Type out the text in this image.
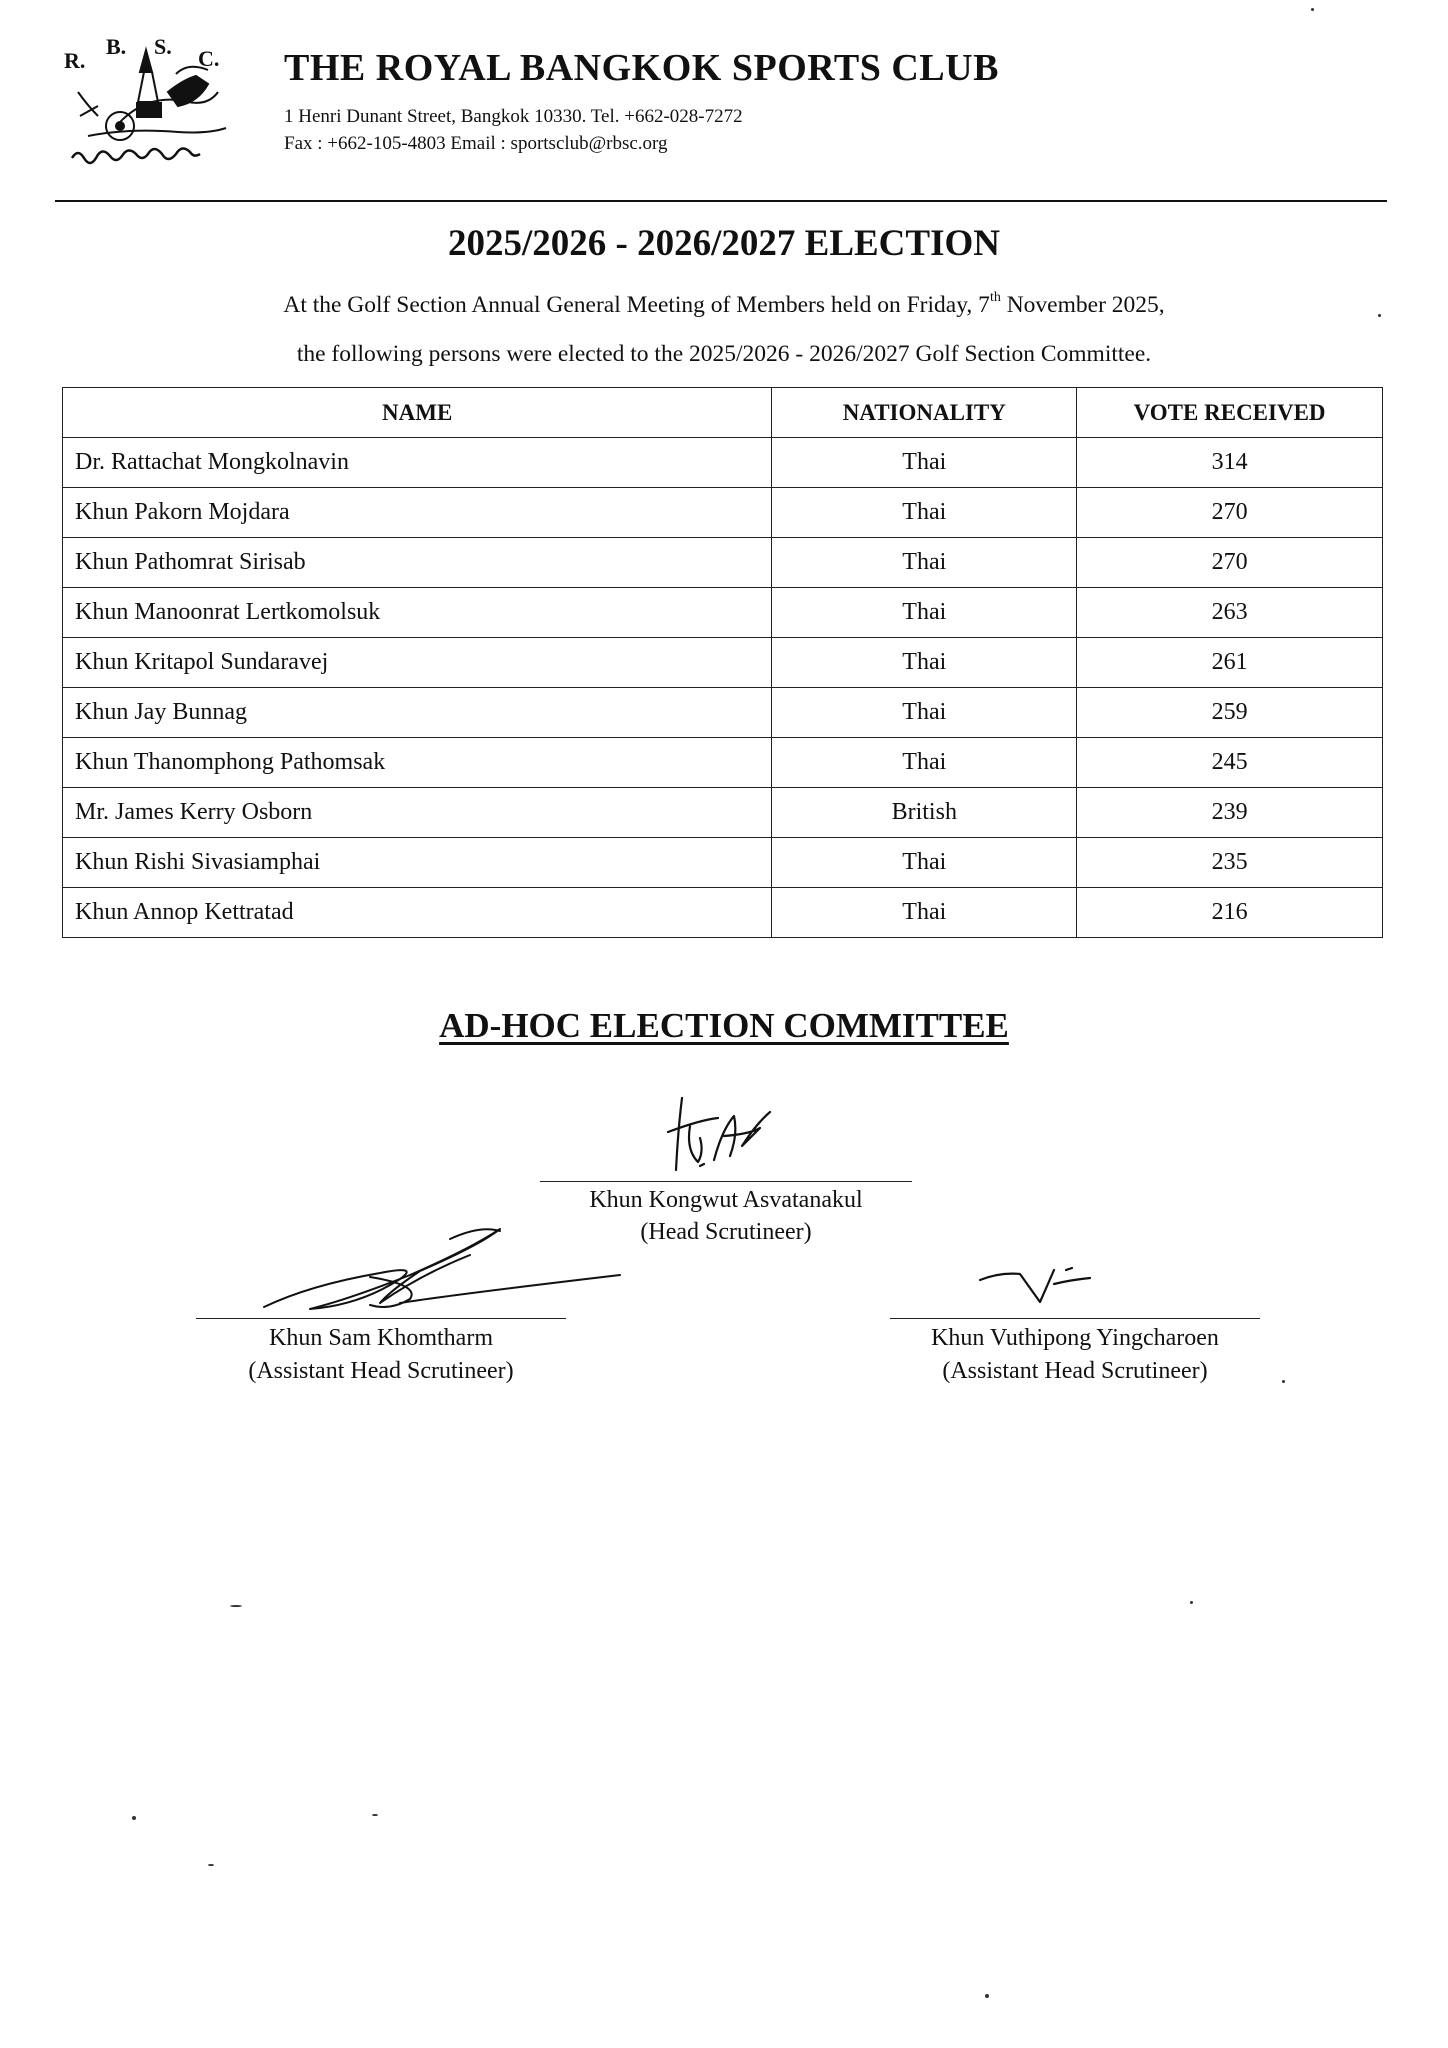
R.
B. S. C. THE ROYAL BANGKOK SPORTS CLUB
1 Henri Dunant Street, Bangkok 10330. Tel. +662-028-7272
Fax : +662-105-4803 Email : sportsclub@rbsc.org
2025/2026 - 2026/2027 ELECTION
At the Golf Section Annual General Meeting of Members held on Friday, 7th November 2025,
the following persons were elected to the 2025/2026 - 2026/2027 Golf Section Committee.
NAME	NATIONALITY	VOTE RECEIVED
Dr. Rattachat Mongkolnavin	Thai	314
Khun Pakorn Mojdara	Thai	270
Khun Pathomrat Sirisab	Thai	270
Khun Manoonrat Lertkomolsuk	Thai	263
Khun Kritapol Sundaravej	Thai	261
Khun Jay Bunnag	Thai	259
Khun Thanomphong Pathomsak	Thai	245
Mr. James Kerry Osborn	British	239
Khun Rishi Sivasiamphai	Thai	235
Khun Annop Kettratad	Thai	216
AD-HOC ELECTION COMMITTEE
Khun Kongwut Asvatanakul
(Head Scrutineer)
Khun Sam Khomtharm
(Assistant Head Scrutineer)
Khun Vuthipong Yingcharoen
(Assistant Head Scrutineer)
